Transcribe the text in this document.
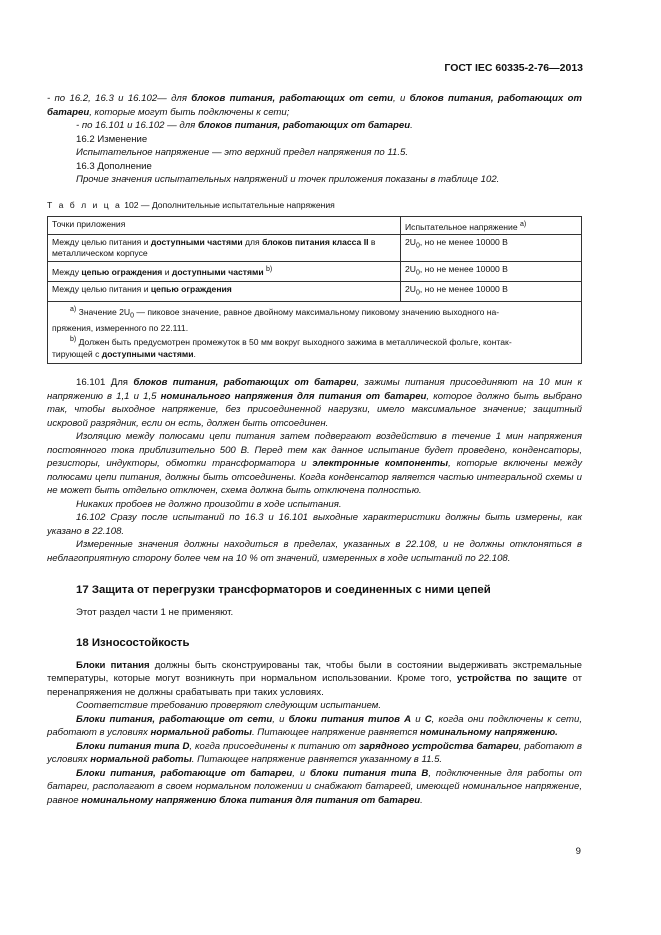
ГОСТ IEC 60335-2-76—2013

- по 16.2, 16.3 и 16.102— для блоков питания, работающих от сети, и блоков питания, работающих от батареи, которые могут быть подключены к сети;

- по 16.101 и 16.102 — для блоков питания, работающих от батареи.

16.2 Изменение

Испытательное напряжение — это верхний предел напряжения по 11.5.

16.3 Дополнение

Прочие значения испытательных напряжений и точек приложения показаны в таблице 102.

Т а б л и ц а 102 — Дополнительные испытательные напряжения
Точки приложения	Испытательное напряжение $^{a)}$
Между целью питания и доступными частями для блоков питания класса II в металлическом корпусе	$2U_0$, но не менее 10000 В
Между цепью ограждения и доступными частями $^{b)}$	$2U_0$, но не менее 10000 В
Между целью питания и цепью ограждения	$2U_0$, но не менее 10000 В

$^{a)}$ Значение $2U_0$ — пиковое значение, равное двойному максимальному пиковому значению выходного на-
пряжения, измеренного по 22.111.
$^{b)}$ Должен быть предусмотрен промежуток в 50 мм вокруг выходного зажима в металлической фольге, контак-
тирующей с доступными частями.	

16.101 Для блоков питания, работающих от батареи, зажимы питания присоединяют на 10 мин к напряжению в 1,1 и 1,5 номинального напряжения для питания от батареи, которое должно быть выбрано так, чтобы выходное напряжение, без присоединенной нагрузки, имело максимальное значение; защитный искровой разрядник, если он есть, должен быть отсоединен.

Изоляцию между полюсами цепи питания затем подвергают воздействию в течение 1 мин напряжения постоянного тока приблизительно 500 В. Перед тем как данное испытание будет проведено, конденсаторы, резисторы, индукторы, обмотки трансформатора и электронные компоненты, которые включены между полюсами цепи питания, должны быть отсоединены. Когда конденсатор является частью интегральной схемы и не может быть отдельно отключен, схема должна быть отключена полностью.

Никаких пробоев не должно произойти в ходе испытания.

16.102 Сразу после испытаний по 16.3 и 16.101 выходные характеристики должны быть измерены, как указано в 22.108.

Измеренные значения должны находиться в пределах, указанных в 22.108, и не должны отклоняться в неблагоприятную сторону более чем на 10 % от значений, измеренных в ходе испытаний по 22.108.

17 Защита от перегрузки трансформаторов и соединенных с ними цепей

Этот раздел части 1 не применяют.

18 Износостойкость

Блоки питания должны быть сконструированы так, чтобы были в состоянии выдерживать экстремальные температуры, которые могут возникнуть при нормальном использовании. Кроме того, устройства по защите от перенапряжения не должны срабатывать при таких условиях.

Соответствие требованию проверяют следующим испытанием.

Блоки питания, работающие от сети, и блоки питания типов А и С, когда они подключены к сети, работают в условиях нормальной работы. Питающее напряжение равняется номинальному напряжению.

Блоки питания типа D, когда присоединены к питанию от зарядного устройства батареи, работают в условиях нормальной работы. Питающее напряжение равняется указанному в 11.5.

Блоки питания, работающие от батареи, и блоки питания типа В, подключенные для работы от батареи, располагают в своем нормальном положении и снабжают батареей, имеющей номинальное напряжение, равное номинальному напряжению блока питания для питания от батареи.

9
